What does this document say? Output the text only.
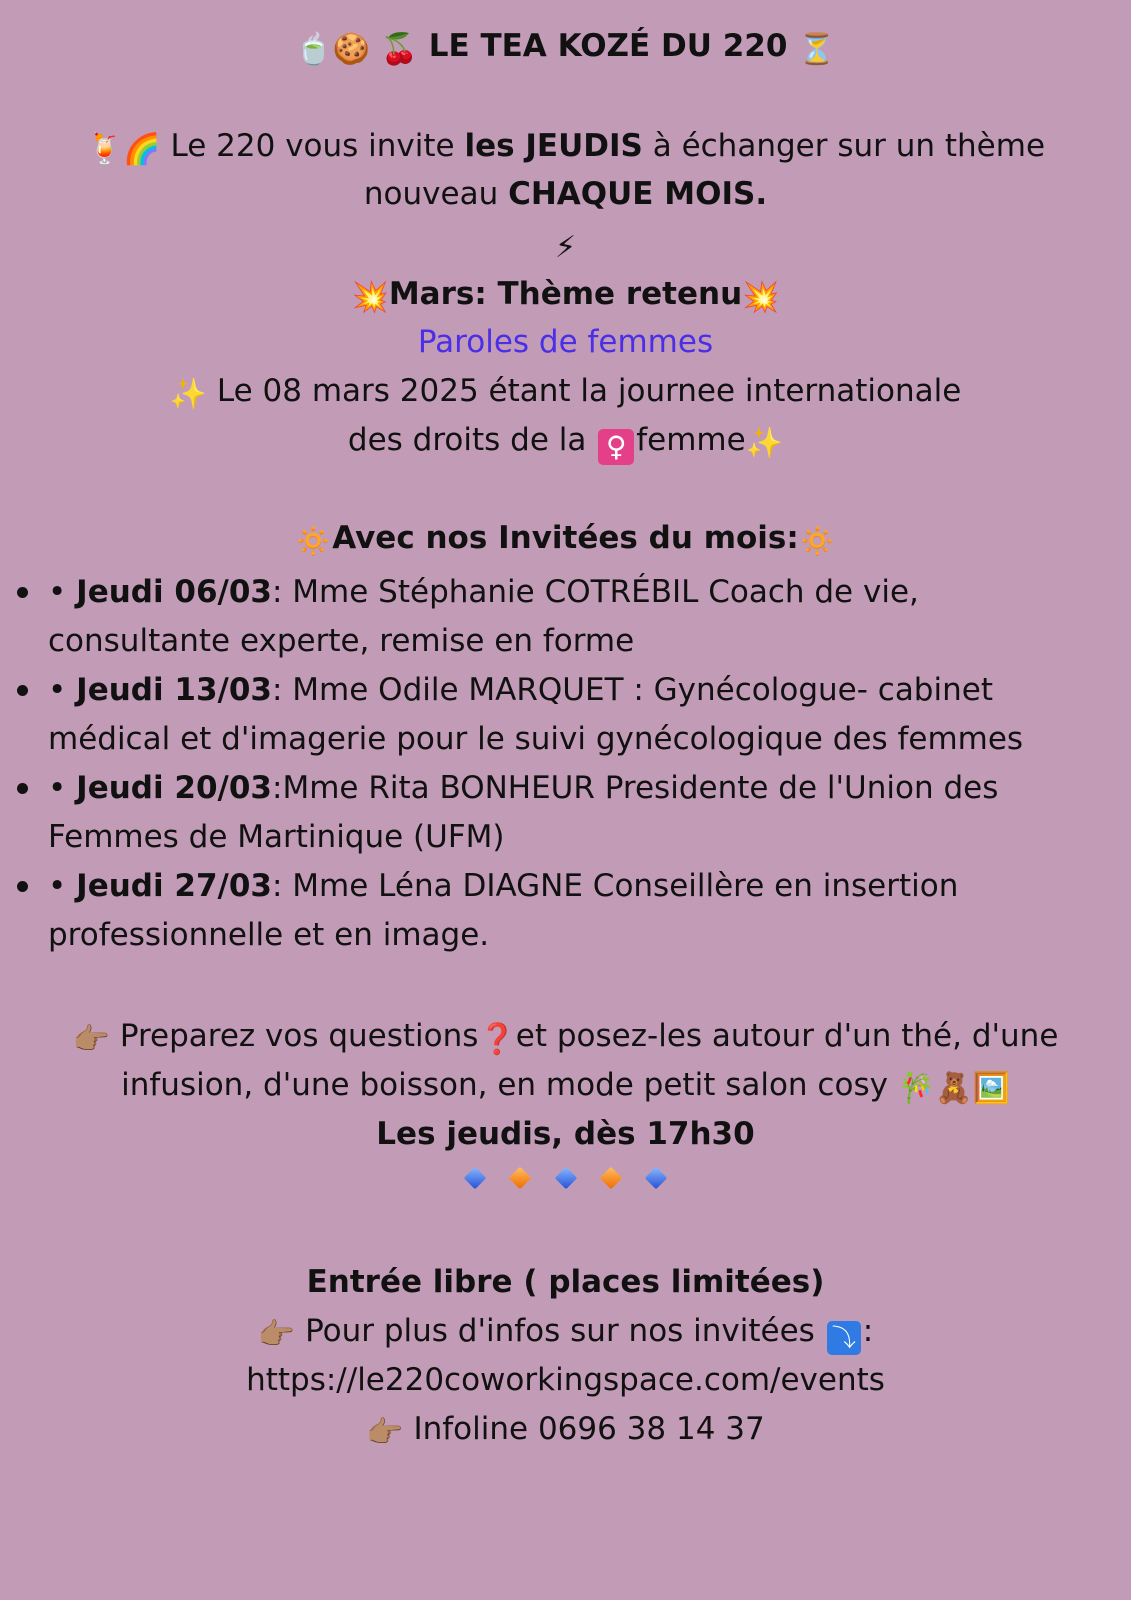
🍵🍪 🍒 LE TEA KOZÉ DU 220 ⏳
🍹🌈 Le 220 vous invite les JEUDIS à échanger sur un thème
nouveau CHAQUE MOIS.
⚡
💥Mars: Thème retenu💥
Paroles de femmes
✨ Le 08 mars 2025 étant la journee internationale
des droits de la ♀ femme✨
🔅Avec nos Invitées du mois:🔅
• Jeudi 06/03: Mme Stéphanie COTRÉBIL Coach de vie,
consultante experte, remise en forme
• Jeudi 13/03: Mme Odile MARQUET : Gynécologue- cabinet
médical et d'imagerie pour le suivi gynécologique des femmes
• Jeudi 20/03:Mme Rita BONHEUR Presidente de l'Union des
Femmes de Martinique (UFM)
• Jeudi 27/03: Mme Léna DIAGNE Conseillère en insertion
professionnelle et en image.
👉🏽 Preparez vos questions❓et posez-les autour d'un thé, d'une
infusion, d'une boisson, en mode petit salon cosy 🎋🧸🖼️
Les jeudis, dès 17h30

Entrée libre ( places limitées)
👉🏽 Pour plus d'infos sur nos invitées ⤵ :
https://le220coworkingspace.com/events
👉🏽 Infoline 0696 38 14 37
